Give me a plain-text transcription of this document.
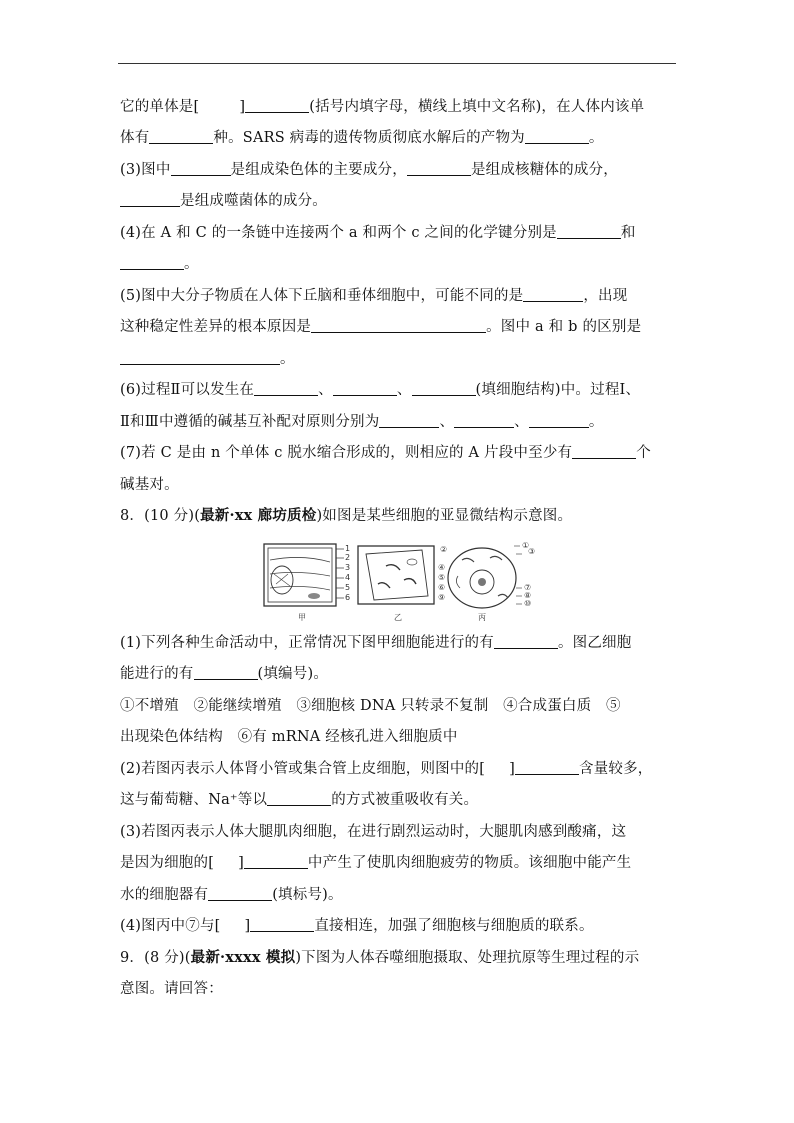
它的单体是[	]	(括号内填字母，横线上填中文名称)，在人体内该单
体有	种。SARS 病毒的遗传物质彻底水解后的产物为	。
(3)图中	是组成染色体的主要成分，	是组成核糖体的成分，
是组成噬菌体的成分。
(4)在 A 和 C 的一条链中连接两个 a 和两个 c 之间的化学键分别是	和
。
(5)图中大分子物质在人体下丘脑和垂体细胞中，可能不同的是	，出现
这种稳定性差异的根本原因是	。图中 a 和 b 的区别是
。
(6)过程Ⅱ可以发生在	、	、	(填细胞结构)中。过程Ⅰ、
Ⅱ和Ⅲ中遵循的碱基互补配对原则分别为	、	、	。
(7)若 C 是由 n 个单体 c 脱水缩合形成的，则相应的 A 片段中至少有	个
碱基对。
8．(10 分)(最新·xx 廊坊质检)如图是某些细胞的亚显微结构示意图。
1
2
3
4
5
6
甲	乙
①
③
②
④
⑤
⑥	⑦
⑧
⑨
⑩
丙
(1)下列各种生命活动中，正常情况下图甲细胞能进行的有	。图乙细胞
能进行的有	(填编号)。
①不增殖　②能继续增殖　③细胞核 DNA 只转录不复制　④合成蛋白质　⑤
出现染色体结构　⑥有 mRNA 经核孔进入细胞质中
(2)若图丙表示人体肾小管或集合管上皮细胞，则图中的[ ]	含量较多，
这与葡萄糖、Na⁺等以	的方式被重吸收有关。
(3)若图丙表示人体大腿肌肉细胞，在进行剧烈运动时，大腿肌肉感到酸痛，这
是因为细胞的[ ]	中产生了使肌肉细胞疲劳的物质。该细胞中能产生
水的细胞器有	(填标号)。
(4)图丙中⑦与[ ]	直接相连，加强了细胞核与细胞质的联系。
9．(8 分)(最新·xxxx 模拟)下图为人体吞噬细胞摄取、处理抗原等生理过程的示
意图。请回答：
